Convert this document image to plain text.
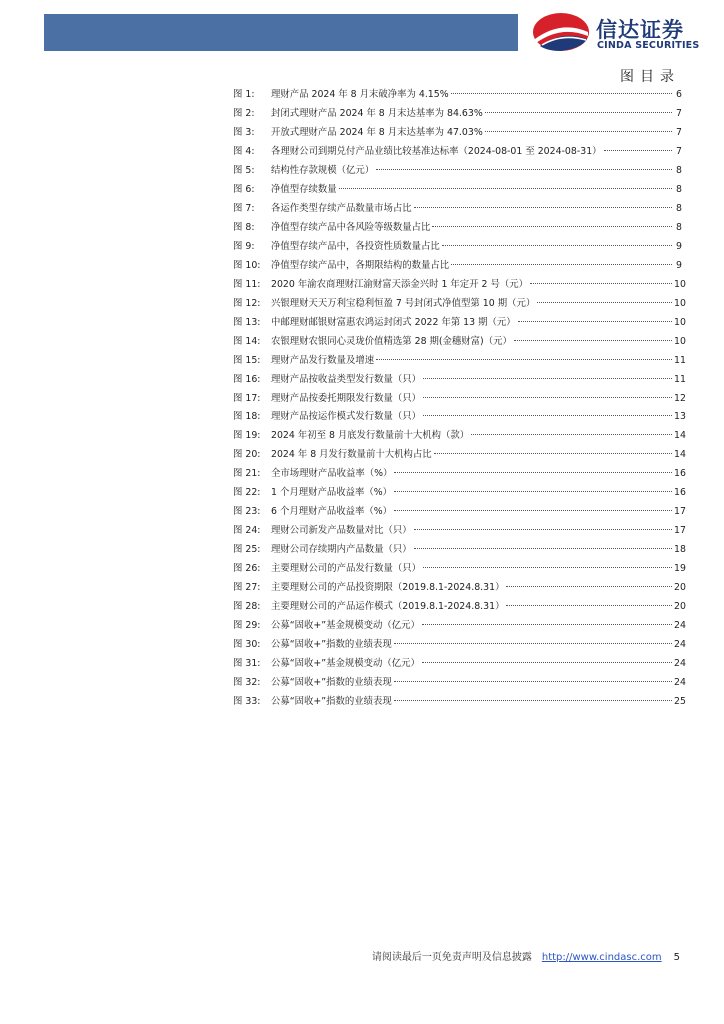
信达证券
CINDA SECURITIES
图目录
图 1:	理财产品 2024 年 8 月末破净率为 4.15%	6
图 2:	封闭式理财产品 2024 年 8 月末达基率为 84.63%	7
图 3:	开放式理财产品 2024 年 8 月末达基率为 47.03%	7
图 4:	各理财公司到期兑付产品业绩比较基准达标率（2024-08-01 至 2024-08-31）	7
图 5:	结构性存款规模（亿元）	8
图 6:	净值型存续数量	8
图 7:	各运作类型存续产品数量市场占比	8
图 8:	净值型存续产品中各风险等级数量占比	8
图 9:	净值型存续产品中，各投资性质数量占比	9
图 10:	净值型存续产品中，各期限结构的数量占比	9
图 11:	2020 年渝农商理财江渝财富天添金兴时 1 年定开 2 号（元）	10
图 12:	兴银理财天天万利宝稳利恒盈 7 号封闭式净值型第 10 期（元）	10
图 13:	中邮理财邮银财富惠农鸿运封闭式 2022 年第 13 期（元）	10
图 14:	农银理财农银同心灵珑价值精选第 28 期(金穗财富)（元）	10
图 15:	理财产品发行数量及增速	11
图 16:	理财产品按收益类型发行数量（只）	11
图 17:	理财产品按委托期限发行数量（只）	12
图 18:	理财产品按运作模式发行数量（只）	13
图 19:	2024 年初至 8 月底发行数量前十大机构（款）	14
图 20:	2024 年 8 月发行数量前十大机构占比	14
图 21:	全市场理财产品收益率（%）	16
图 22:	1 个月理财产品收益率（%）	16
图 23:	6 个月理财产品收益率（%）	17
图 24:	理财公司新发产品数量对比（只）	17
图 25:	理财公司存续期内产品数量（只）	18
图 26:	主要理财公司的产品发行数量（只）	19
图 27:	主要理财公司的产品投资期限（2019.8.1-2024.8.31）	20
图 28:	主要理财公司的产品运作模式（2019.8.1-2024.8.31）	20
图 29:	公募“固收+”基金规模变动（亿元）	24
图 30:	公募“固收+”指数的业绩表现	24
图 31:	公募“固收+”基金规模变动（亿元）	24
图 32:	公募“固收+”指数的业绩表现	24
图 33:	公募“固收+”指数的业绩表现	25
请阅读最后一页免责声明及信息披露 http://www.cindasc.com 5
